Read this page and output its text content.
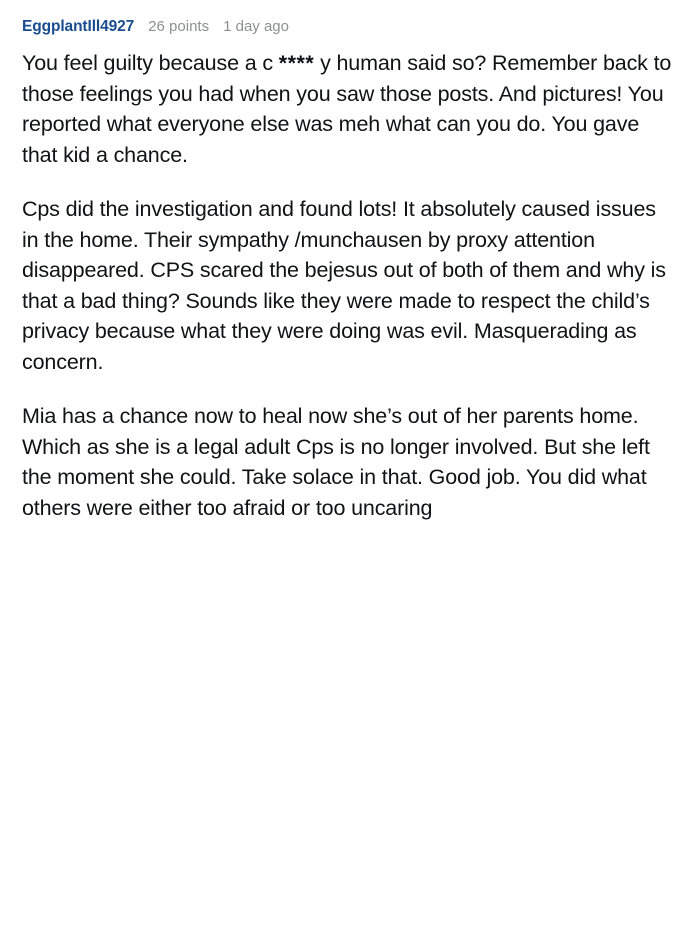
EggplantIll4927 26 points 1 day ago

You feel guilty because a c **** y human said so? Remember back to those feelings you had when you saw those posts. And pictures! You reported what everyone else was meh what can you do. You gave that kid a chance.

Cps did the investigation and found lots! It absolutely caused issues in the home. Their sympathy /munchausen by proxy attention disappeared. CPS scared the bejesus out of both of them and why is that a bad thing? Sounds like they were made to respect the child’s privacy because what they were doing was evil. Masquerading as concern.

Mia has a chance now to heal now she’s out of her parents home. Which as she is a legal adult Cps is no longer involved. But she left the moment she could. Take solace in that. Good job. You did what others were either too afraid or too uncaring
